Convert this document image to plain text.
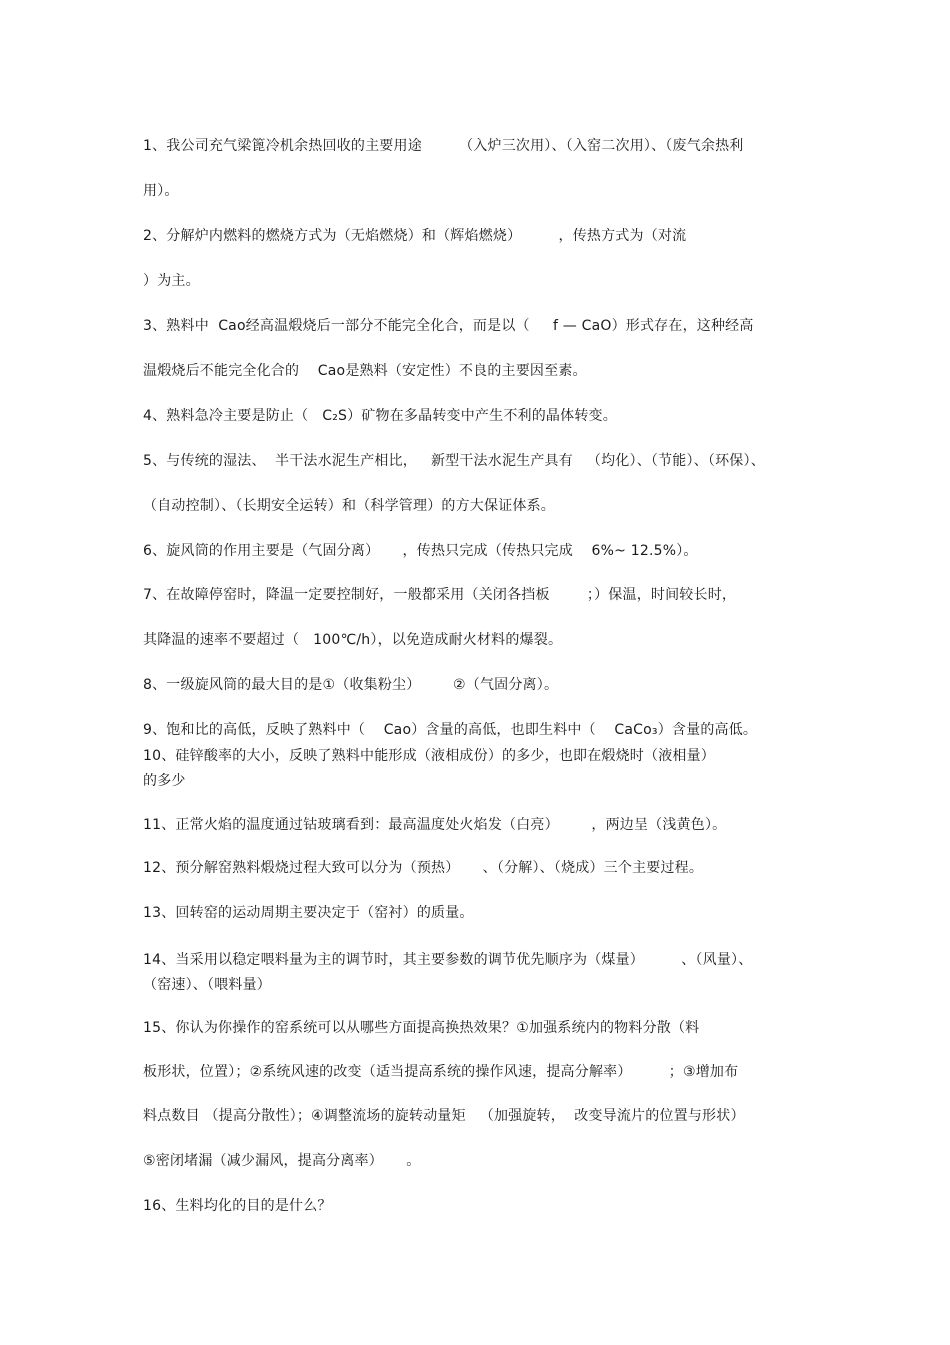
1、我公司充气梁篦冷机余热回收的主要用途        （入炉三次用）、（入窑二次用）、（废气余热利
用）。
2、分解炉内燃料的燃烧方式为（无焰燃烧）和（辉焰燃烧）        ，传热方式为（对流
）为主。
3、熟料中  Cao经高温煅烧后一部分不能完全化合，而是以（     f — CaO）形式存在，这种经高
温煅烧后不能完全化合的    Cao是熟料（安定性）不良的主要因至素。
4、熟料急冷主要是防止（   C₂S）矿物在多晶转变中产生不利的晶体转变。
5、与传统的湿法、  半干法水泥生产相比，   新型干法水泥生产具有   （均化）、（节能）、（环保）、
（自动控制）、（长期安全运转）和（科学管理）的方大保证体系。
6、旋风筒的作用主要是（气固分离）     ，传热只完成（传热只完成    6%~ 12.5%）。
7、在故障停窑时，降温一定要控制好，一般都采用（关闭各挡板        ；）保温，时间较长时，
其降温的速率不要超过（   100℃/h），以免造成耐火材料的爆裂。
8、一级旋风筒的最大目的是①（收集粉尘）       ②（气固分离）。
9、饱和比的高低，反映了熟料中（    Cao）含量的高低，也即生料中（    CaCo₃）含量的高低。
10、硅锌酸率的大小，反映了熟料中能形成（液相成份）的多少，也即在煅烧时（液相量）
的多少
11、正常火焰的温度通过钴玻璃看到：最高温度处火焰发（白亮）       ，两边呈（浅黄色）。
12、预分解窑熟料煅烧过程大致可以分为（预热）     、（分解）、（烧成）三个主要过程。
13、回转窑的运动周期主要决定于（窑衬）的质量。
14、当采用以稳定喂料量为主的调节时，其主要参数的调节优先顺序为（煤量）        、（风量）、
（窑速）、（喂料量）
15、你认为你操作的窑系统可以从哪些方面提高换热效果？①加强系统内的物料分散（料
板形状，位置）；②系统风速的改变（适当提高系统的操作风速，提高分解率）        ；③增加布
料点数目 （提高分散性）；④调整流场的旋转动量矩   （加强旋转，  改变导流片的位置与形状）
⑤密闭堵漏（减少漏风，提高分离率）     。
16、生料均化的目的是什么？
